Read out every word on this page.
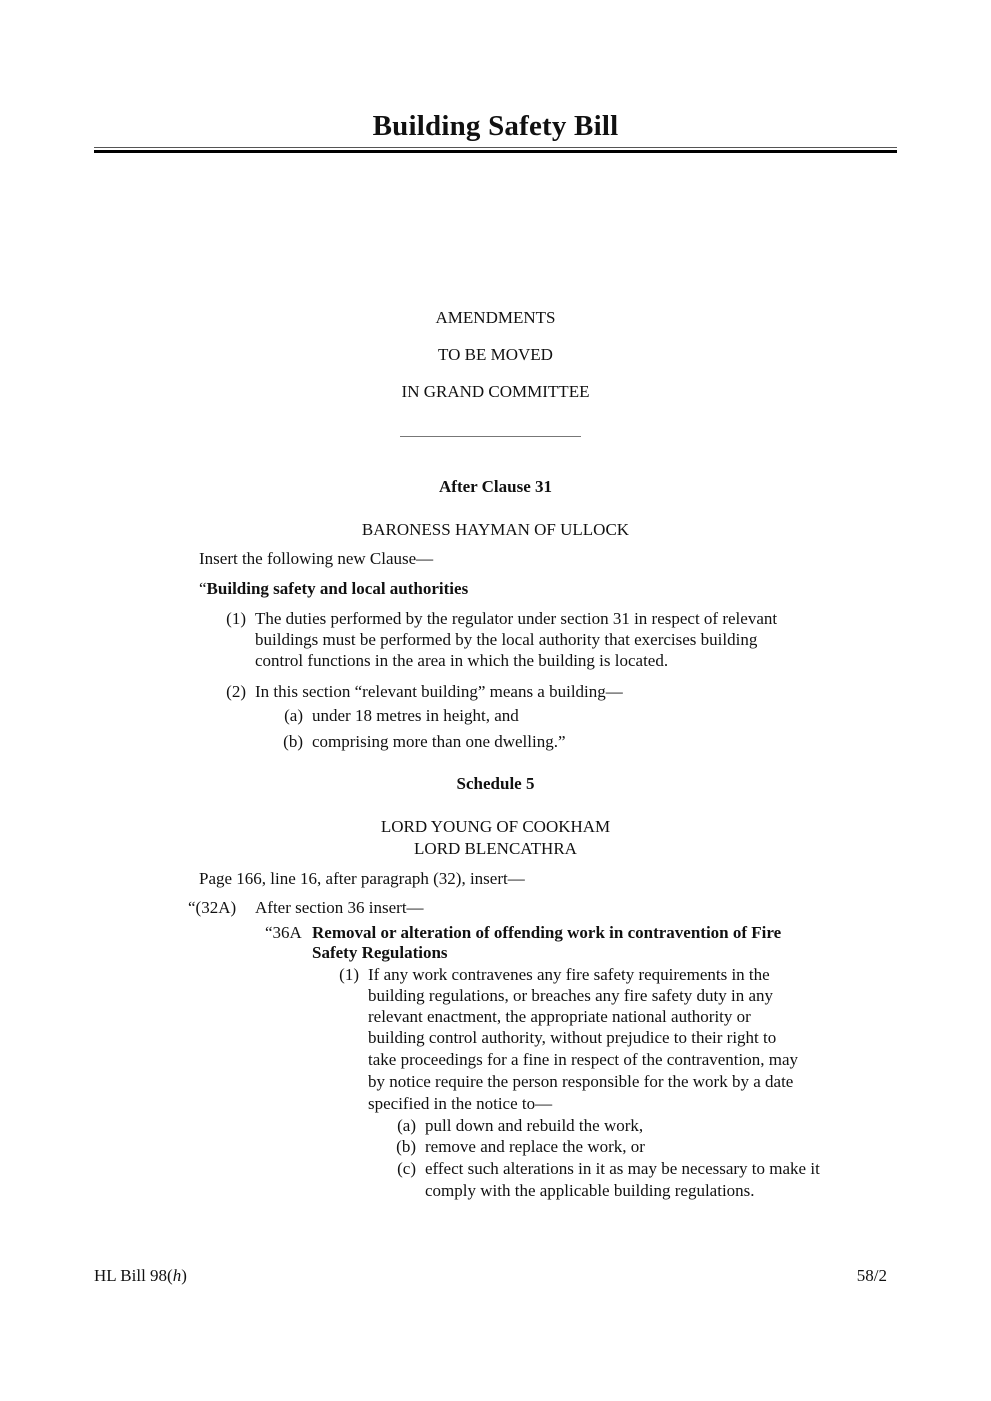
Building Safety Bill
AMENDMENTS
TO BE MOVED
IN GRAND COMMITTEE
After Clause 31
BARONESS HAYMAN OF ULLOCK
Insert the following new Clause—
“Building safety and local authorities
(1) The duties performed by the regulator under section 31 in respect of relevant
buildings must be performed by the local authority that exercises building
control functions in the area in which the building is located.
(2) In this section “relevant building” means a building—
(a) under 18 metres in height, and
(b) comprising more than one dwelling.”
Schedule 5
LORD YOUNG OF COOKHAM
LORD BLENCATHRA
Page 166, line 16, after paragraph (32), insert—
“(32A) After section 36 insert—
“36A Removal or alteration of offending work in contravention of Fire
Safety Regulations
(1) If any work contravenes any fire safety requirements in the
building regulations, or breaches any fire safety duty in any
relevant enactment, the appropriate national authority or
building control authority, without prejudice to their right to
take proceedings for a fine in respect of the contravention, may
by notice require the person responsible for the work by a date
specified in the notice to—
(a) pull down and rebuild the work,
(b) remove and replace the work, or
(c) effect such alterations in it as may be necessary to make it
comply with the applicable building regulations.
HL Bill 98(h)	58/2
